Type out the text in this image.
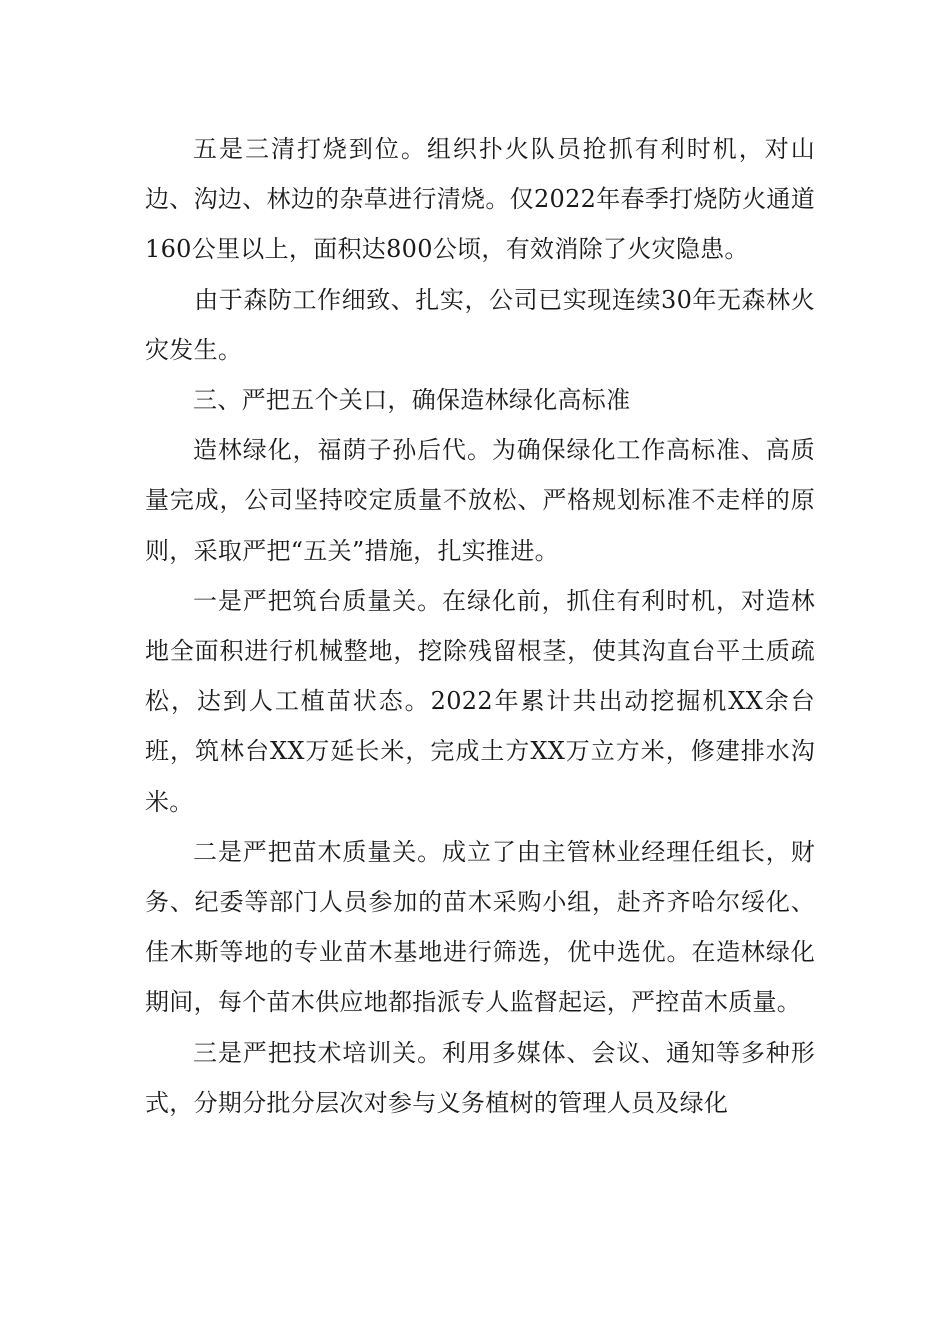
五是三清打烧到位。组织扑火队员抢抓有利时机，对山边、沟边、林边的杂草进行清烧。仅2022年春季打烧防火通道160公里以上，面积达800公顷，有效消除了火灾隐患。

由于森防工作细致、扎实，公司已实现连续30年无森林火灾发生。

三、严把五个关口，确保造林绿化高标准

造林绿化，福荫子孙后代。为确保绿化工作高标准、高质量完成，公司坚持咬定质量不放松、严格规划标准不走样的原则，采取严把“五关”措施，扎实推进。

一是严把筑台质量关。在绿化前，抓住有利时机，对造林地全面积进行机械整地，挖除残留根茎，使其沟直台平土质疏松，达到人工植苗状态。2022年累计共出动挖掘机XX余台班，筑林台XX万延长米，完成土方XX万立方米，修建排水沟米。

二是严把苗木质量关。成立了由主管林业经理任组长，财务、纪委等部门人员参加的苗木采购小组，赴齐齐哈尔绥化、佳木斯等地的专业苗木基地进行筛选，优中选优。在造林绿化期间，每个苗木供应地都指派专人监督起运，严控苗木质量。

三是严把技术培训关。利用多媒体、会议、通知等多种形式，分期分批分层次对参与义务植树的管理人员及绿化
